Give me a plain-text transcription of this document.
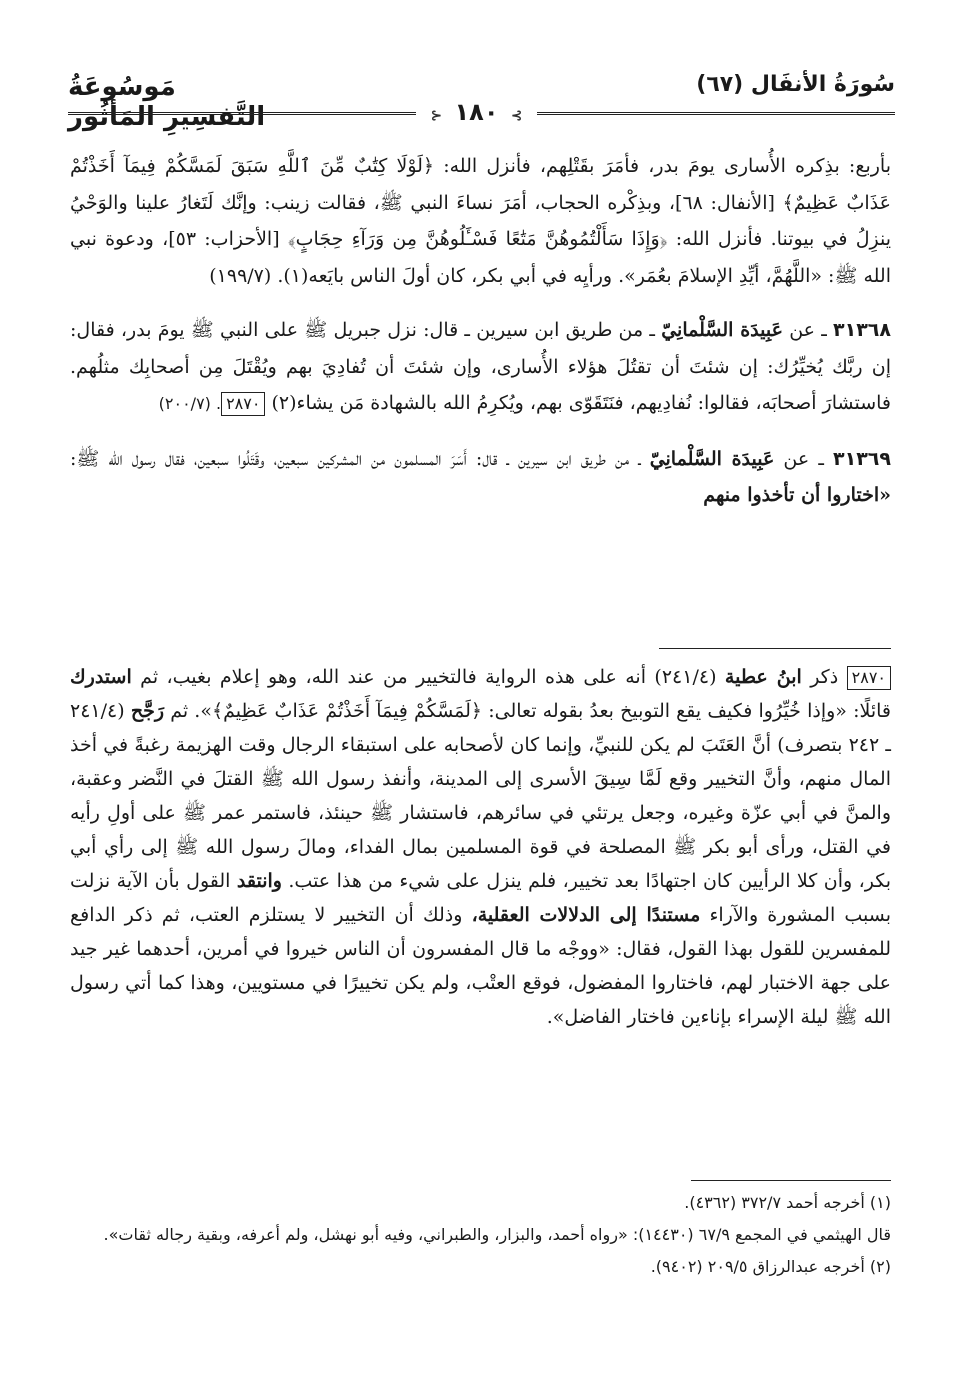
سُورَةُ الأنفَال (٦٧)
مَوسُوعَةُ التَّفسِيرِ المَأثُور	⊱ ١٨٠ ⊰

بأربع: بذِكره الأُسارى يومَ بدر، فأمَرَ بقَتْلِهم، فأنزل الله: ﴿لَوْلَا كِتَٰبٌ مِّنَ ٱللَّهِ سَبَقَ لَمَسَّكُمْ فِيمَآ أَخَذْتُمْ عَذَابٌ عَظِيمٌ﴾ [الأنفال: ٦٨]، وبذِكْره الحجاب، أمَرَ نساءَ النبي ﷺ، فقالت زينب: وإنَّك لَتَغارُ علينا والوَحْيُ ينزِلُ في بيوتنا. فأنزل الله: ﴿وَإِذَا سَأَلْتُمُوهُنَّ مَتَٰعًا فَسْـَٔلُوهُنَّ مِن وَرَآءِ حِجَابٍ﴾ [الأحزاب: ٥٣]، ودعوة نبي الله ﷺ: «اللَّهُمَّ، أيِّدِ الإسلامَ بعُمَر». ورأيِه في أبي بكر، كان أولَ الناس بايَعه(١). (١٩٩/٧)

٣١٣٦٨ ـ عن عَبِيدَة السَّلْمانِيّ ـ من طريق ابن سيرين ـ قال: نزل جبريل ﷺ على النبي ﷺ يومَ بدر، فقال: إن ربَّك يُخيِّرُك: إن شئتَ أن تقتُلَ هؤلاء الأُسارى، وإن شئتَ أن تُفادِيَ بهم ويُقْتَلَ مِن أصحابِك مثلُهم. فاستشارَ أصحابَه، فقالوا: نُفادِيهم، فنَتَقَوّى بهم، ويُكرِمُ الله بالشهادة مَن يشاء(٢) ٢٨٧٠. (٢٠٠/٧)

٣١٣٦٩ ـ عن عَبِيدَة السَّلْمانِيّ ـ من طريق ابن سيرين ـ قال: أَسَرَ المسلمون من المشركين سبعين، وقَتَلُوا سبعين، فقال رسول الله ﷺ: «اختاروا أن تأخذوا منهم

٢٨٧٠ ذكر ابنُ عطية (٢٤١/٤) أنه على هذه الرواية فالتخيير من عند الله، وهو إعلام بغيب، ثم استدرك قائلًا: «وإذا خُيِّرُوا فكيف يقع التوبيخ بعدُ بقوله تعالى: ﴿لَمَسَّكُمْ فِيمَآ أَخَذْتُمْ عَذَابٌ عَظِيمٌ﴾». ثم رَجَّح (٢٤١/٤ ـ ٢٤٢ بتصرف) أنَّ العَتَبَ لم يكن للنبيِّ، وإنما كان لأصحابه على استبقاء الرجال وقت الهزيمة رغبةً في أخذ المال منهم، وأنَّ التخيير وقع لَمَّا سِيقَ الأسرى إلى المدينة، وأنفذ رسول الله ﷺ القتلَ في النَّضر وعقبة، والمنَّ في أبي عزّة وغيره، وجعل يرتئي في سائرهم، فاستشار ﷺ حينئذ، فاستمر عمر ﷺ على أولِ رأيه في القتل، ورأى أبو بكر ﷺ المصلحة في قوة المسلمين بمال الفداء، ومالَ رسول الله ﷺ إلى رأي أبي بكر، وأن كلا الرأيين كان اجتهادًا بعد تخيير، فلم ينزل على شيء من هذا عتب. وانتقد القول بأن الآية نزلت بسبب المشورة والآراء مستندًا إلى الدلالات العقلية، وذلك أن التخيير لا يستلزم العتب، ثم ذكر الدافع للمفسرين للقول بهذا القول، فقال: «ووجْه ما قال المفسرون أن الناس خيروا في أمرين، أحدهما غير جيد على جهة الاختبار لهم، فاختاروا المفضول، فوقع العتْب، ولم يكن تخييرًا في مستويين، وهذا كما أتي رسول الله ﷺ ليلة الإسراء بإناءين فاختار الفاضل».

(١) أخرجه أحمد ٣٧٢/٧ (٤٣٦٢).

قال الهيثمي في المجمع ٦٧/٩ (١٤٤٣٠): «رواه أحمد، والبزار، والطبراني، وفيه أبو نهشل، ولم أعرفه، وبقية رجاله ثقات».

(٢) أخرجه عبدالرزاق ٢٠٩/٥ (٩٤٠٢).
